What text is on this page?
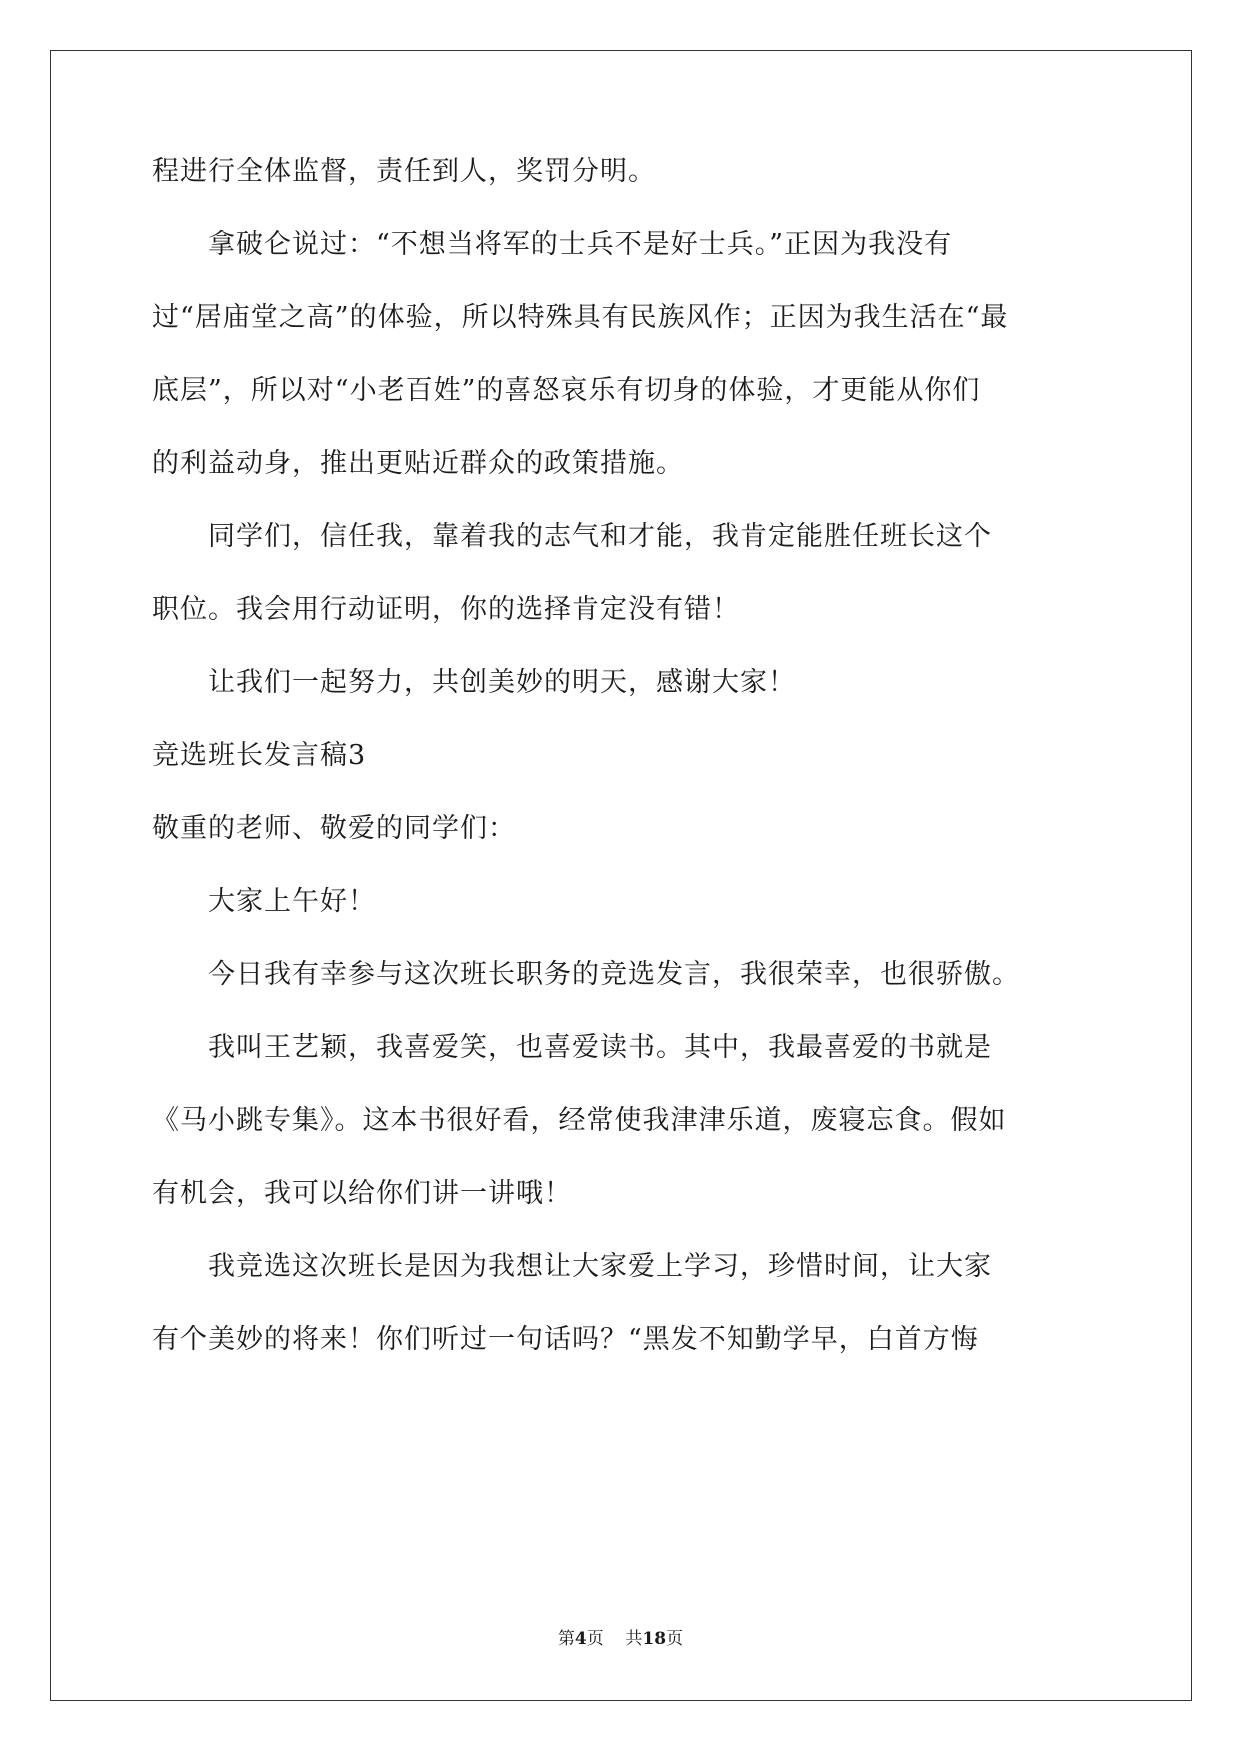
程进行全体监督，责任到人，奖罚分明。
　　拿破仑说过：“不想当将军的士兵不是好士兵。”正因为我没有
过“居庙堂之高”的体验，所以特殊具有民族风作；正因为我生活在“最
底层”，所以对“小老百姓”的喜怒哀乐有切身的体验，才更能从你们
的利益动身，推出更贴近群众的政策措施。
　　同学们，信任我，靠着我的志气和才能，我肯定能胜任班长这个
职位。我会用行动证明，你的选择肯定没有错！
　　让我们一起努力，共创美妙的明天，感谢大家！
竞选班长发言稿3
敬重的老师、敬爱的同学们：
　　大家上午好！
　　今日我有幸参与这次班长职务的竞选发言，我很荣幸，也很骄傲。
　　我叫王艺颖，我喜爱笑，也喜爱读书。其中，我最喜爱的书就是
《马小跳专集》。这本书很好看，经常使我津津乐道，废寝忘食。假如
有机会，我可以给你们讲一讲哦！
　　我竞选这次班长是因为我想让大家爱上学习，珍惜时间，让大家
有个美妙的将来！你们听过一句话吗？“黑发不知勤学早，白首方悔
第4页 共18页
